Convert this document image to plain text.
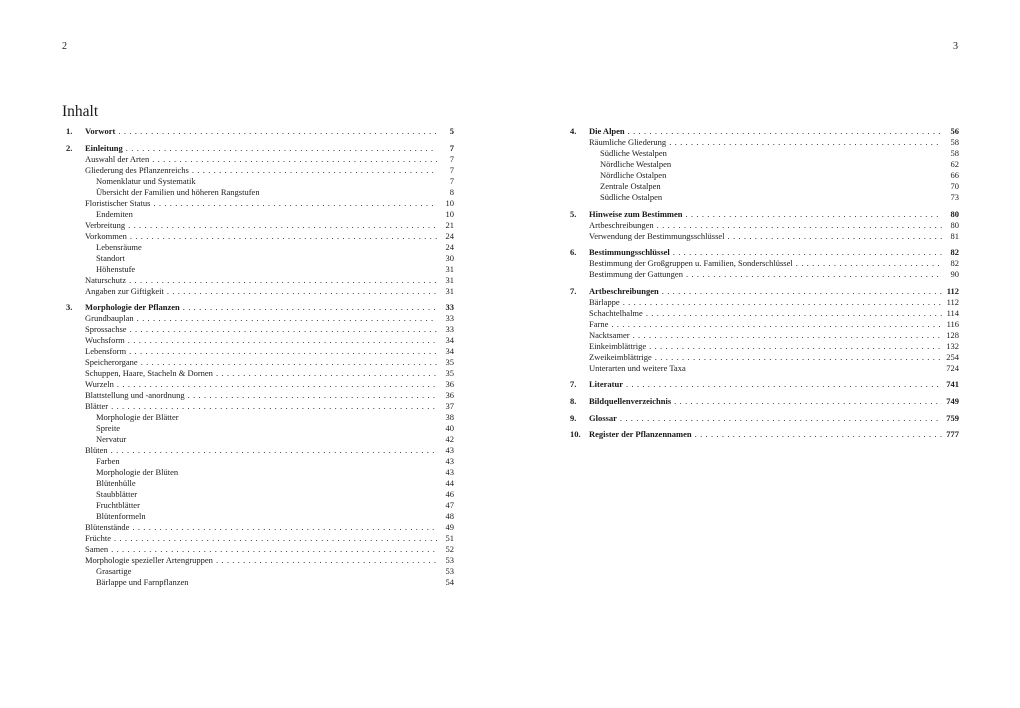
2
Inhalt
1.	Vorwort . . .	5
2.	Einleitung . . .	7
Auswahl der Arten . . .	7
Gliederung des Pflanzenreichs . . .	7
Nomenklatur und Systematik	7
Übersicht der Familien und höheren Rangstufen	8
Floristischer Status . . .	10
Endemiten	10
Verbreitung . . .	21
Vorkommen . . .	24
Lebensräume	24
Standort	30
Höhenstufe	31
Naturschutz . . .	31
Angaben zur Giftigkeit . . .	31
3.	Morphologie der Pflanzen . . .	33
Grundbauplan . . .	33
Sprossachse . . .	33
Wuchsform . . .	34
Lebensform . . .	34
Speicherorgane . . .	35
Schuppen, Haare, Stacheln & Dornen . . .	35
Wurzeln . . .	36
Blattstellung und -anordnung . . .	36
Blätter . . .	37
Morphologie der Blätter	38
Spreite	40
Nervatur	42
Blüten . . .	43
Farben	43
Morphologie der Blüten	43
Blütenhülle	44
Staubblätter	46
Fruchtblätter	47
Blütenformeln	48
Blütenstände . . .	49
Früchte . . .	51
Samen . . .	52
Morphologie spezieller Artengruppen . . .	53
Grasartige	53
Bärlappe und Farnpflanzen	54
3
4.	Die Alpen . . .	56
Räumliche Gliederung . . .	58
Südliche Westalpen	58
Nördliche Westalpen	62
Nördliche Ostalpen	66
Zentrale Ostalpen	70
Südliche Ostalpen	73
5.	Hinweise zum Bestimmen . . .	80
Artbeschreibungen . . .	80
Verwendung der Bestimmungsschlüssel . . .	81
6.	Bestimmungsschlüssel . . .	82
Bestimmung der Großgruppen u. Familien, Sonderschlüssel . . .	82
Bestimmung der Gattungen . . .	90
7.	Artbeschreibungen . . .	112
Bärlappe . . .	112
Schachtelhalme . . .	114
Farne . . .	116
Nacktsamer . . .	128
Einkeimblättrige . . .	132
Zweikeimblättrige . . .	254
Unterarten und weitere Taxa	724
7.	Literatur . . .	741
8.	Bildquellenverzeichnis . . .	749
9.	Glossar . . .	759
10. Register der Pflanzennamen . . .	777
